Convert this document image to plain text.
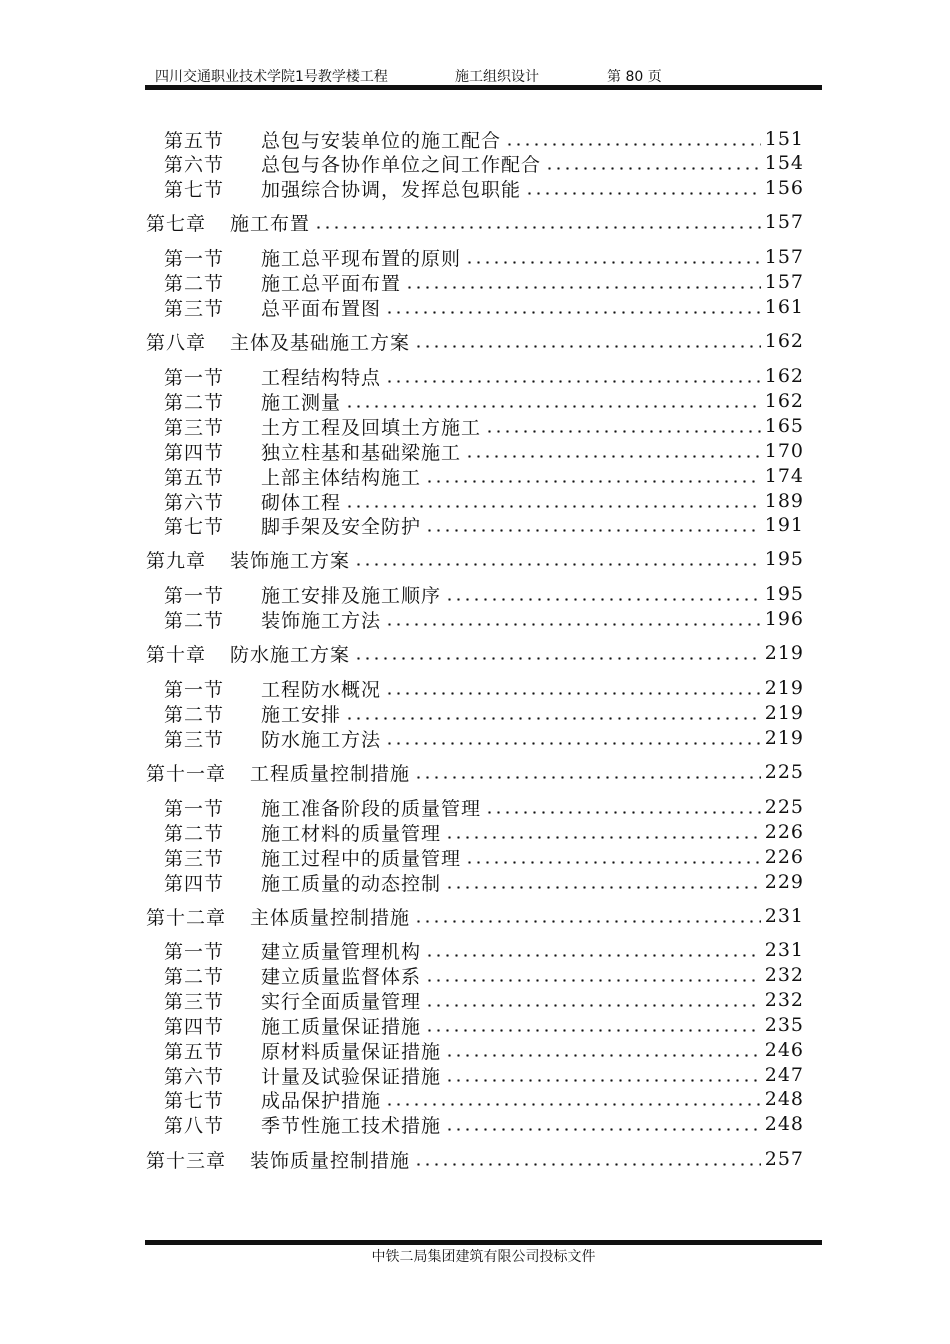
四川交通职业技术学院1号教学楼工程	施工组织设计	第 80 页
第五节	总包与安装单位的施工配合	151
第六节	总包与各协作单位之间工作配合	154
第七节	加强综合协调，发挥总包职能	156
第七章	施工布置	157
第一节	施工总平现布置的原则	157
第二节	施工总平面布置	157
第三节	总平面布置图	161
第八章	主体及基础施工方案	162
第一节	工程结构特点	162
第二节	施工测量	162
第三节	土方工程及回填土方施工	165
第四节	独立柱基和基础梁施工	170
第五节	上部主体结构施工	174
第六节	砌体工程	189
第七节	脚手架及安全防护	191
第九章	装饰施工方案	195
第一节	施工安排及施工顺序	195
第二节	装饰施工方法	196
第十章	防水施工方案	219
第一节	工程防水概况	219
第二节	施工安排	219
第三节	防水施工方法	219
第十一章	工程质量控制措施	225
第一节	施工准备阶段的质量管理	225
第二节	施工材料的质量管理	226
第三节	施工过程中的质量管理	226
第四节	施工质量的动态控制	229
第十二章	主体质量控制措施	231
第一节	建立质量管理机构	231
第二节	建立质量监督体系	232
第三节	实行全面质量管理	232
第四节	施工质量保证措施	235
第五节	原材料质量保证措施	246
第六节	计量及试验保证措施	247
第七节	成品保护措施	248
第八节	季节性施工技术措施	248
第十三章	装饰质量控制措施	257
中铁二局集团建筑有限公司投标文件
